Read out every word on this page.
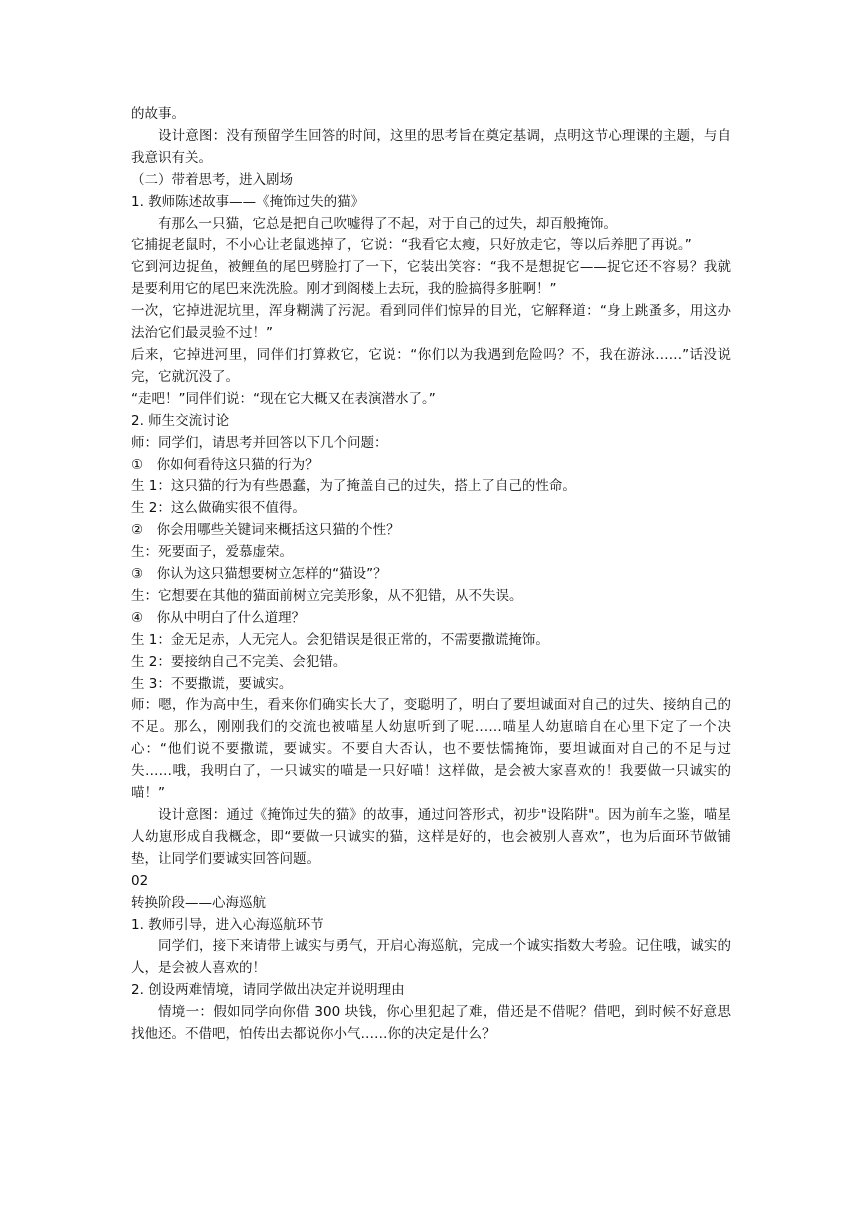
的故事。

设计意图：没有预留学生回答的时间，这里的思考旨在奠定基调，点明这节心理课的主题，与自我意识有关。

（二）带着思考，进入剧场

1. 教师陈述故事——《掩饰过失的猫》

有那么一只猫，它总是把自己吹嘘得了不起，对于自己的过失，却百般掩饰。

它捕捉老鼠时，不小心让老鼠逃掉了，它说：“我看它太瘦，只好放走它，等以后养肥了再说。”

它到河边捉鱼，被鲤鱼的尾巴劈脸打了一下，它装出笑容：“我不是想捉它——捉它还不容易？我就是要利用它的尾巴来洗洗脸。刚才到阁楼上去玩，我的脸搞得多脏啊！”

一次，它掉进泥坑里，浑身糊满了污泥。看到同伴们惊异的目光，它解释道：“身上跳蚤多，用这办法治它们最灵验不过！”

后来，它掉进河里，同伴们打算救它，它说：“你们以为我遇到危险吗？不，我在游泳……”话没说完，它就沉没了。

“走吧！”同伴们说：“现在它大概又在表演潜水了。”

2. 师生交流讨论

师：同学们，请思考并回答以下几个问题：

①　你如何看待这只猫的行为？

生 1：这只猫的行为有些愚蠢，为了掩盖自己的过失，搭上了自己的性命。

生 2：这么做确实很不值得。

②　你会用哪些关键词来概括这只猫的个性？

生：死要面子，爱慕虚荣。

③　你认为这只猫想要树立怎样的“猫设”？

生：它想要在其他的猫面前树立完美形象，从不犯错，从不失误。

④　你从中明白了什么道理？

生 1：金无足赤，人无完人。会犯错误是很正常的，不需要撒谎掩饰。

生 2：要接纳自己不完美、会犯错。

生 3：不要撒谎，要诚实。

师：嗯，作为高中生，看来你们确实长大了，变聪明了，明白了要坦诚面对自己的过失、接纳自己的不足。那么，刚刚我们的交流也被喵星人幼崽听到了呢……喵星人幼崽暗自在心里下定了一个决心：“他们说不要撒谎，要诚实。不要自大否认，也不要怯懦掩饰，要坦诚面对自己的不足与过失……哦，我明白了，一只诚实的喵是一只好喵！这样做，是会被大家喜欢的！我要做一只诚实的喵！”

设计意图：通过《掩饰过失的猫》的故事，通过问答形式，初步"设陷阱"。因为前车之鉴，喵星人幼崽形成自我概念，即“要做一只诚实的猫，这样是好的，也会被别人喜欢”，也为后面环节做铺垫，让同学们要诚实回答问题。

02

转换阶段——心海巡航

1. 教师引导，进入心海巡航环节

同学们，接下来请带上诚实与勇气，开启心海巡航，完成一个诚实指数大考验。记住哦，诚实的人，是会被人喜欢的！

2. 创设两难情境，请同学做出决定并说明理由

情境一：假如同学向你借 300 块钱，你心里犯起了难，借还是不借呢？借吧，到时候不好意思找他还。不借吧，怕传出去都说你小气……你的决定是什么？
